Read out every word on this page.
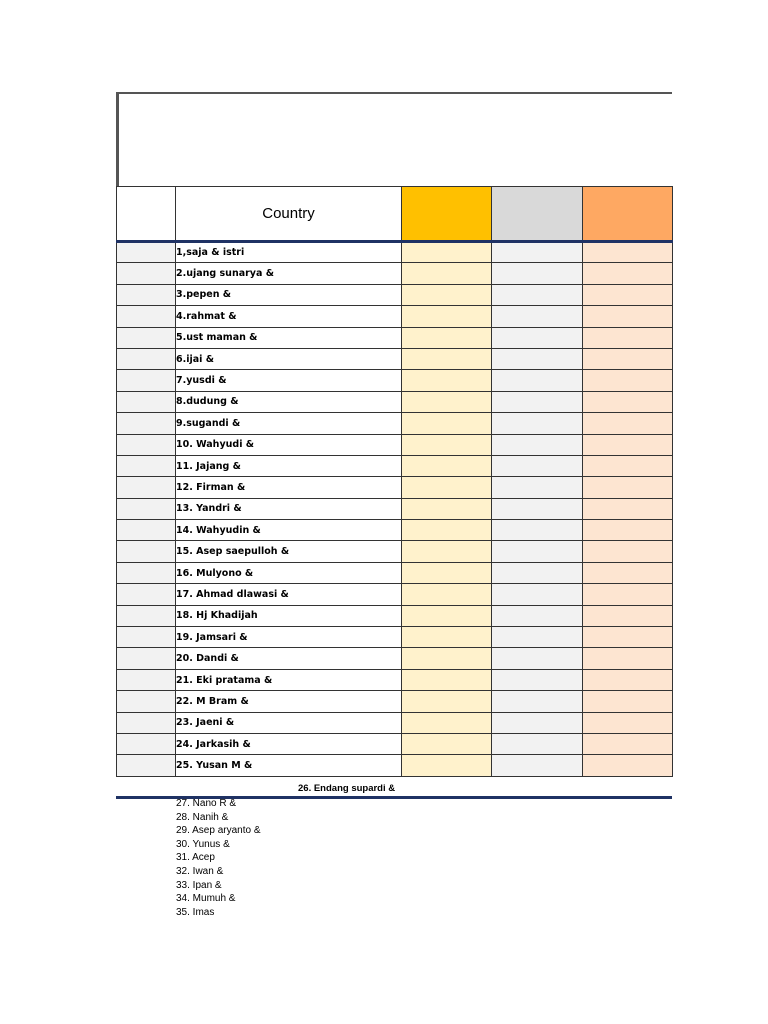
	Country			
	1,saja & istri			
	2.ujang sunarya &			
	3.pepen &			
	4.rahmat &			
	5.ust maman &			
	6.ijai &			
	7.yusdi &			
	8.dudung &			
	9.sugandi &			
	10. Wahyudi &			
	11. Jajang &			
	12. Firman &			
	13. Yandri &			
	14. Wahyudin &			
	15. Asep saepulloh &			
	16. Mulyono &			
	17. Ahmad dlawasi &			
	18. Hj Khadijah			
	19. Jamsari &			
	20. Dandi &			
	21. Eki pratama &			
	22. M Bram &			
	23. Jaeni &			
	24. Jarkasih &			
	25. Yusan M &			
26. Endang supardi &
27. Nano R &
28. Nanih &
29. Asep aryanto &
30. Yunus &
31. Acep
32. Iwan &
33. Ipan &
34. Mumuh &
35. Imas
